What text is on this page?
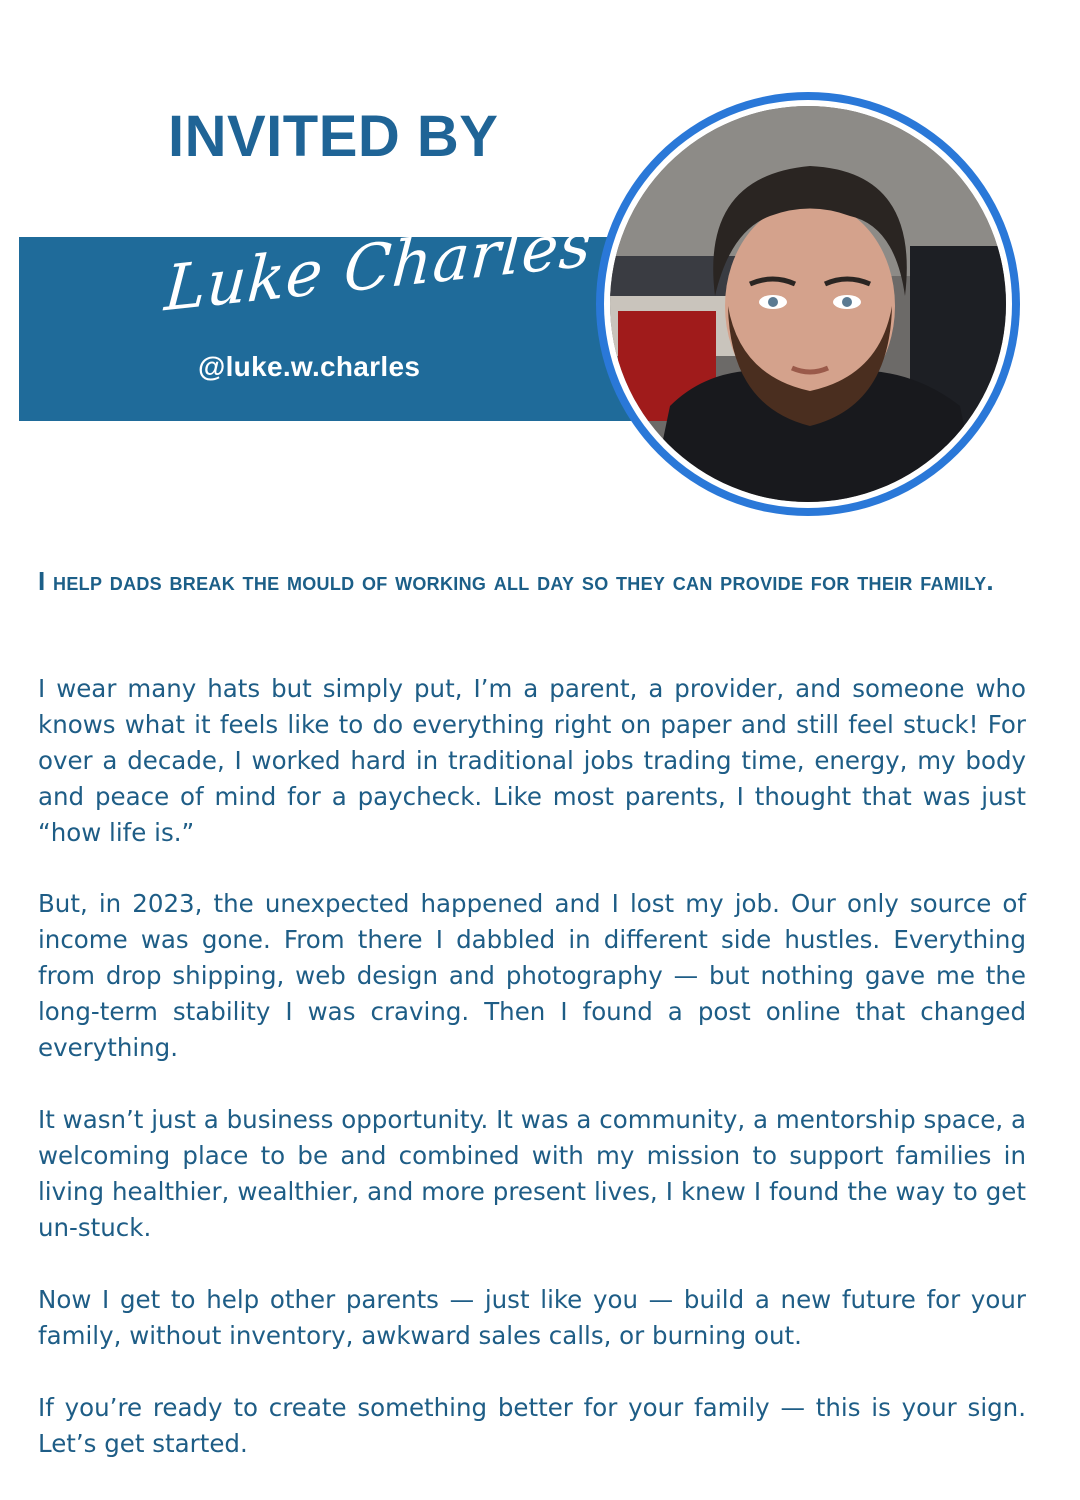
INVITED BY
Luke Charles
@luke.w.charles
I help dads break the mould of working all day so they can provide for their family.

I wear many hats but simply put, I’m a parent, a provider, and someone who knows what it feels like to do everything right on paper and still feel stuck! For over a decade, I worked hard in traditional jobs trading time, energy, my body and peace of mind for a paycheck. Like most parents, I thought that was just “how life is.”

But, in 2023, the unexpected happened and I lost my job. Our only source of income was gone. From there I dabbled in different side hustles. Everything from drop shipping, web design and photography — but nothing gave me the long-term stability I was craving. Then I found a post online that changed everything.

It wasn’t just a business opportunity. It was a community, a mentorship space, a welcoming place to be and combined with my mission to support families in living healthier, wealthier, and more present lives, I knew I found the way to get un-stuck.

Now I get to help other parents — just like you — build a new future for your family, without inventory, awkward sales calls, or burning out.

If you’re ready to create something better for your family — this is your sign. Let’s get started.
